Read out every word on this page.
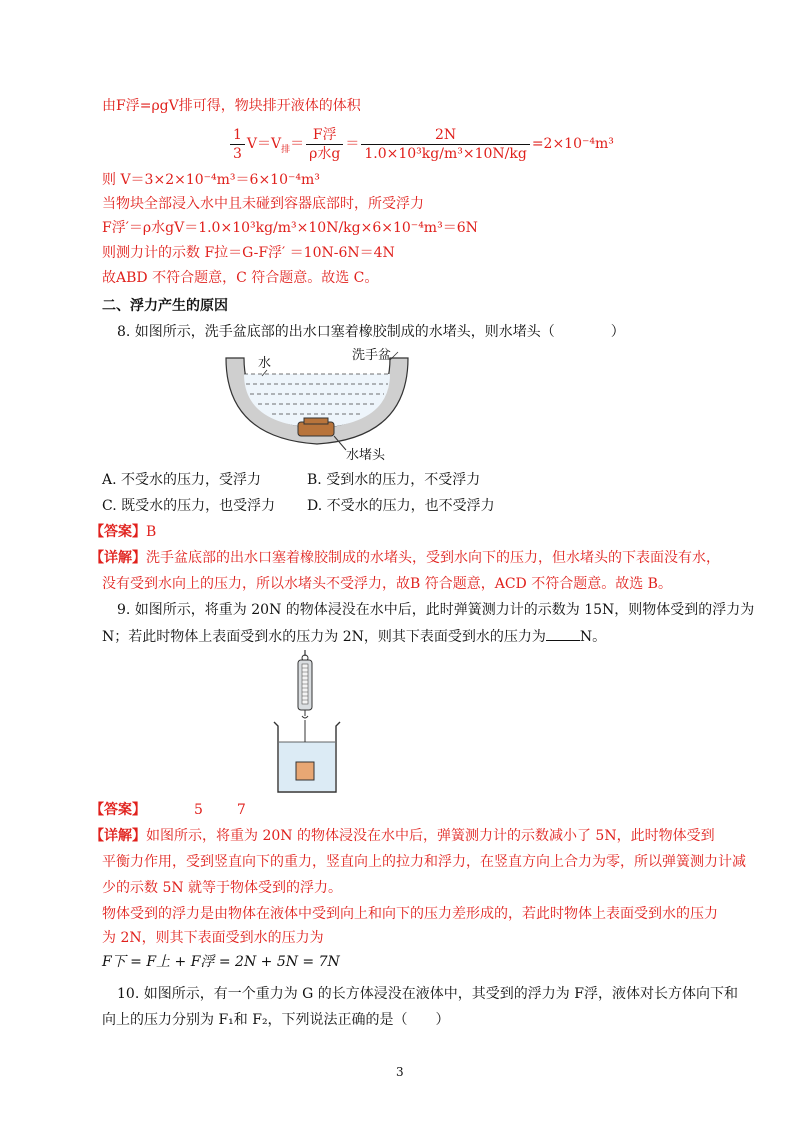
由F浮=ρgV排可得，物块排开液体的体积
$\frac{1}{3} V=V_排= \frac{\text{F浮}}{\text{ρ水g}} = \frac{2N}{\text{1.0×10³kg/m³×10N/kg}} =2\times 10^{-4}m^3$
则 V＝3×2×10⁻⁴m³＝6×10⁻⁴m³
当物块全部浸入水中且未碰到容器底部时，所受浮力
F浮′＝ρ水gV＝1.0×10³kg/m³×10N/kg×6×10⁻⁴m³＝6N
则测力计的示数 F拉＝G-F浮′ ＝10N-6N＝4N
故ABD 不符合题意，C 符合题意。故选 C。
二、浮力产生的原因
8. 如图所示，洗手盆底部的出水口塞着橡胶制成的水堵头，则水堵头（　　　　）
水
洗手盆
水堵头
A. 不受水的压力，受浮力	B. 受到水的压力，不受浮力
C. 既受水的压力，也受浮力 D. 不受水的压力，也不受浮力
【答案】B
【详解】洗手盆底部的出水口塞着橡胶制成的水堵头，受到水向下的压力，但水堵头的下表面没有水，
没有受到水向上的压力，所以水堵头不受浮力，故B 符合题意，ACD 不符合题意。故选 B。
9. 如图所示，将重为 20N 的物体浸没在水中后，此时弹簧测力计的示数为 15N，则物体受到的浮力为
N；若此时物体上表面受到水的压力为 2N，则其下表面受到水的压力为 N。
【答案】	5 7
【详解】如图所示，将重为 20N 的物体浸没在水中后，弹簧测力计的示数减小了 5N，此时物体受到
平衡力作用，受到竖直向下的重力，竖直向上的拉力和浮力，在竖直方向上合力为零，所以弹簧测力计减
少的示数 5N 就等于物体受到的浮力。
物体受到的浮力是由物体在液体中受到向上和向下的压力差形成的，若此时物体上表面受到水的压力
为 2N，则其下表面受到水的压力为
F下 = F上 + F浮 = 2N + 5N = 7N
10. 如图所示，有一个重力为 G 的长方体浸没在液体中，其受到的浮力为 F浮，液体对长方体向下和
向上的压力分别为 F₁和 F₂，下列说法正确的是（　　）
3
